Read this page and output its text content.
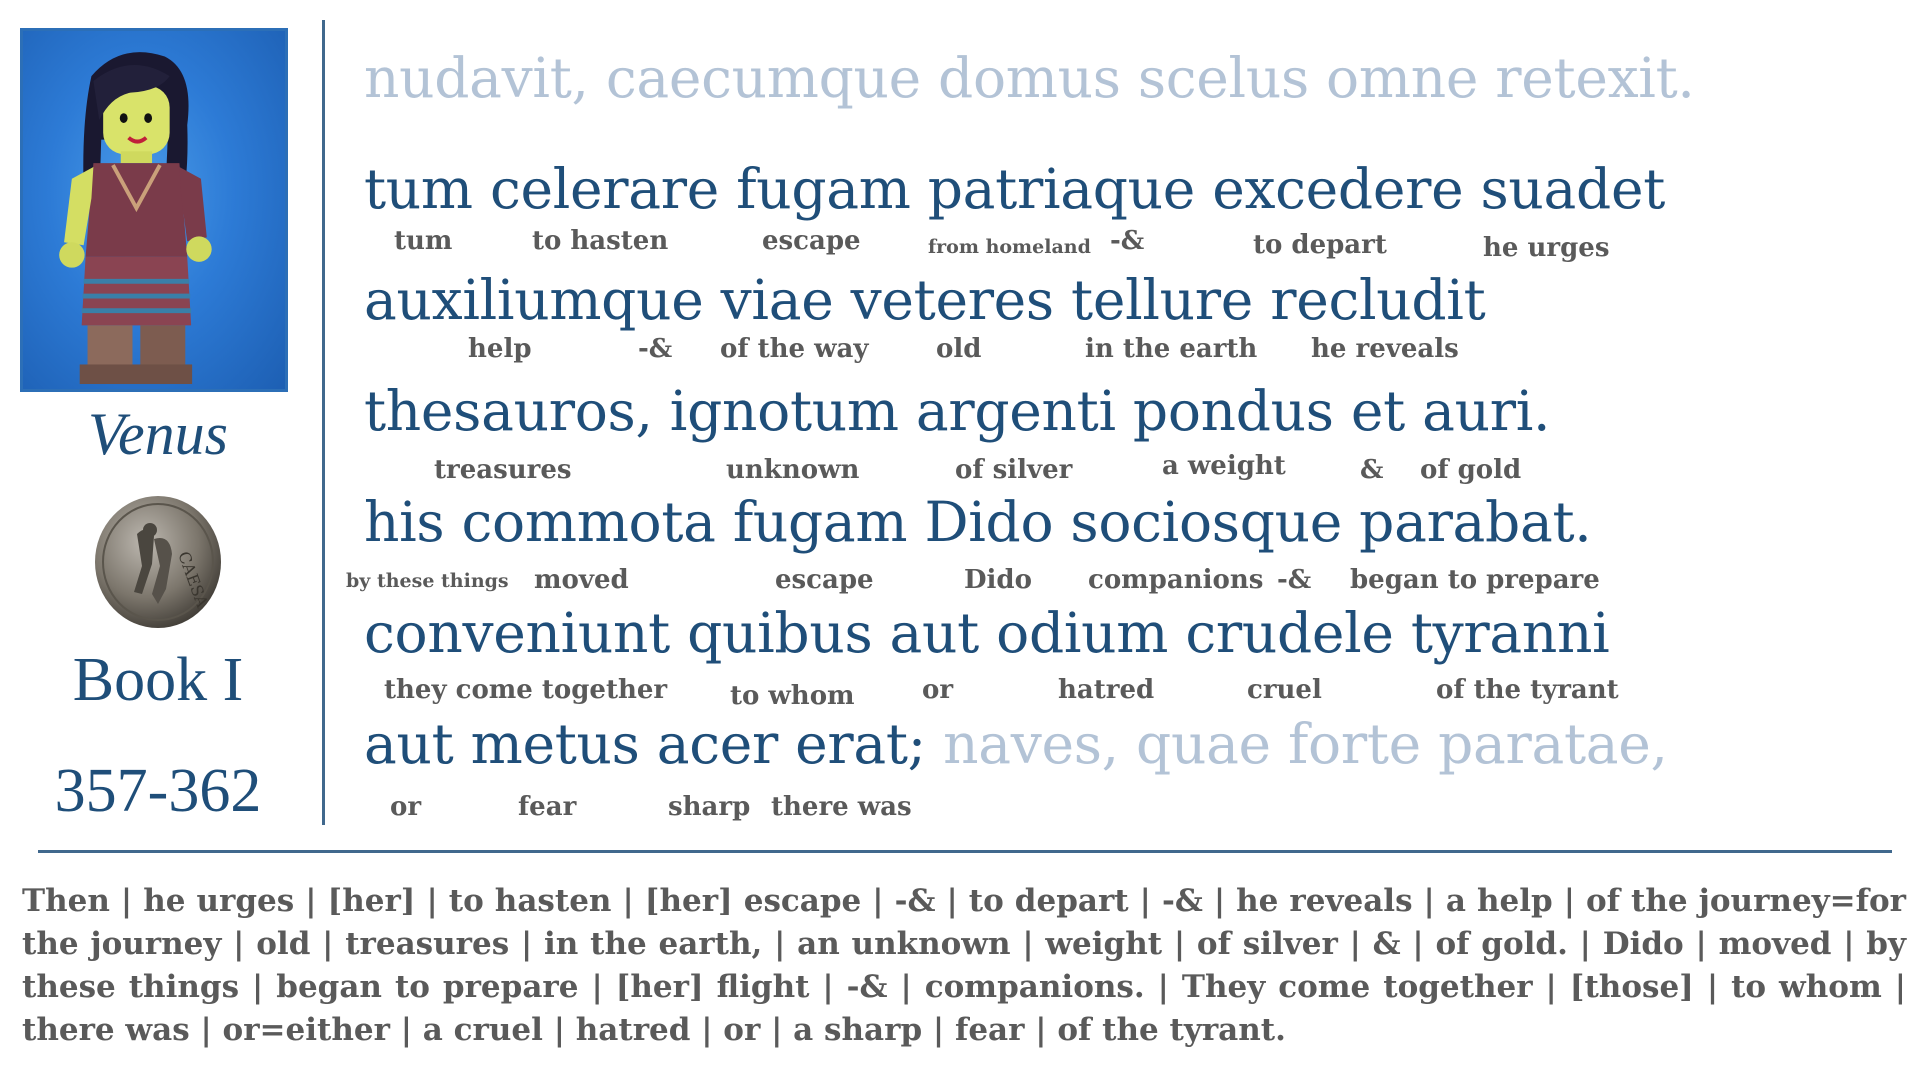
Venus
CAESA
Book I
357-362
nudavit, caecumque domus scelus omne retexit.
tum celerare fugam patriaque excedere suadet
tum	to hasten	escape	from homeland -&	to depart	he urges
auxiliumque viae veteres tellure recludit
help	-& of the way	old	in the earth he reveals
thesauros, ignotum argenti pondus et auri.
treasures	unknown	of silver	a weight	& of gold
his commota fugam Dido sociosque parabat.
by these things moved	escape	Dido companions -& began to prepare
conveniunt quibus aut odium crudele tyranni
they come together to whom	or	hatred	cruel	of the tyrant
aut metus acer erat; naves, quae forte paratae,
or	fear	sharp there was
Then | he urges | [her] | to hasten | [her] escape | -& | to depart | -& | he reveals | a help | of the journey=for the journey | old | treasures | in the earth, | an unknown | weight | of silver | & | of gold. | Dido | moved | by these things | began to prepare | [her] flight | -& | companions. | They come together | [those] | to whom | there was | or=either | a cruel | hatred | or | a sharp | fear | of the tyrant.
